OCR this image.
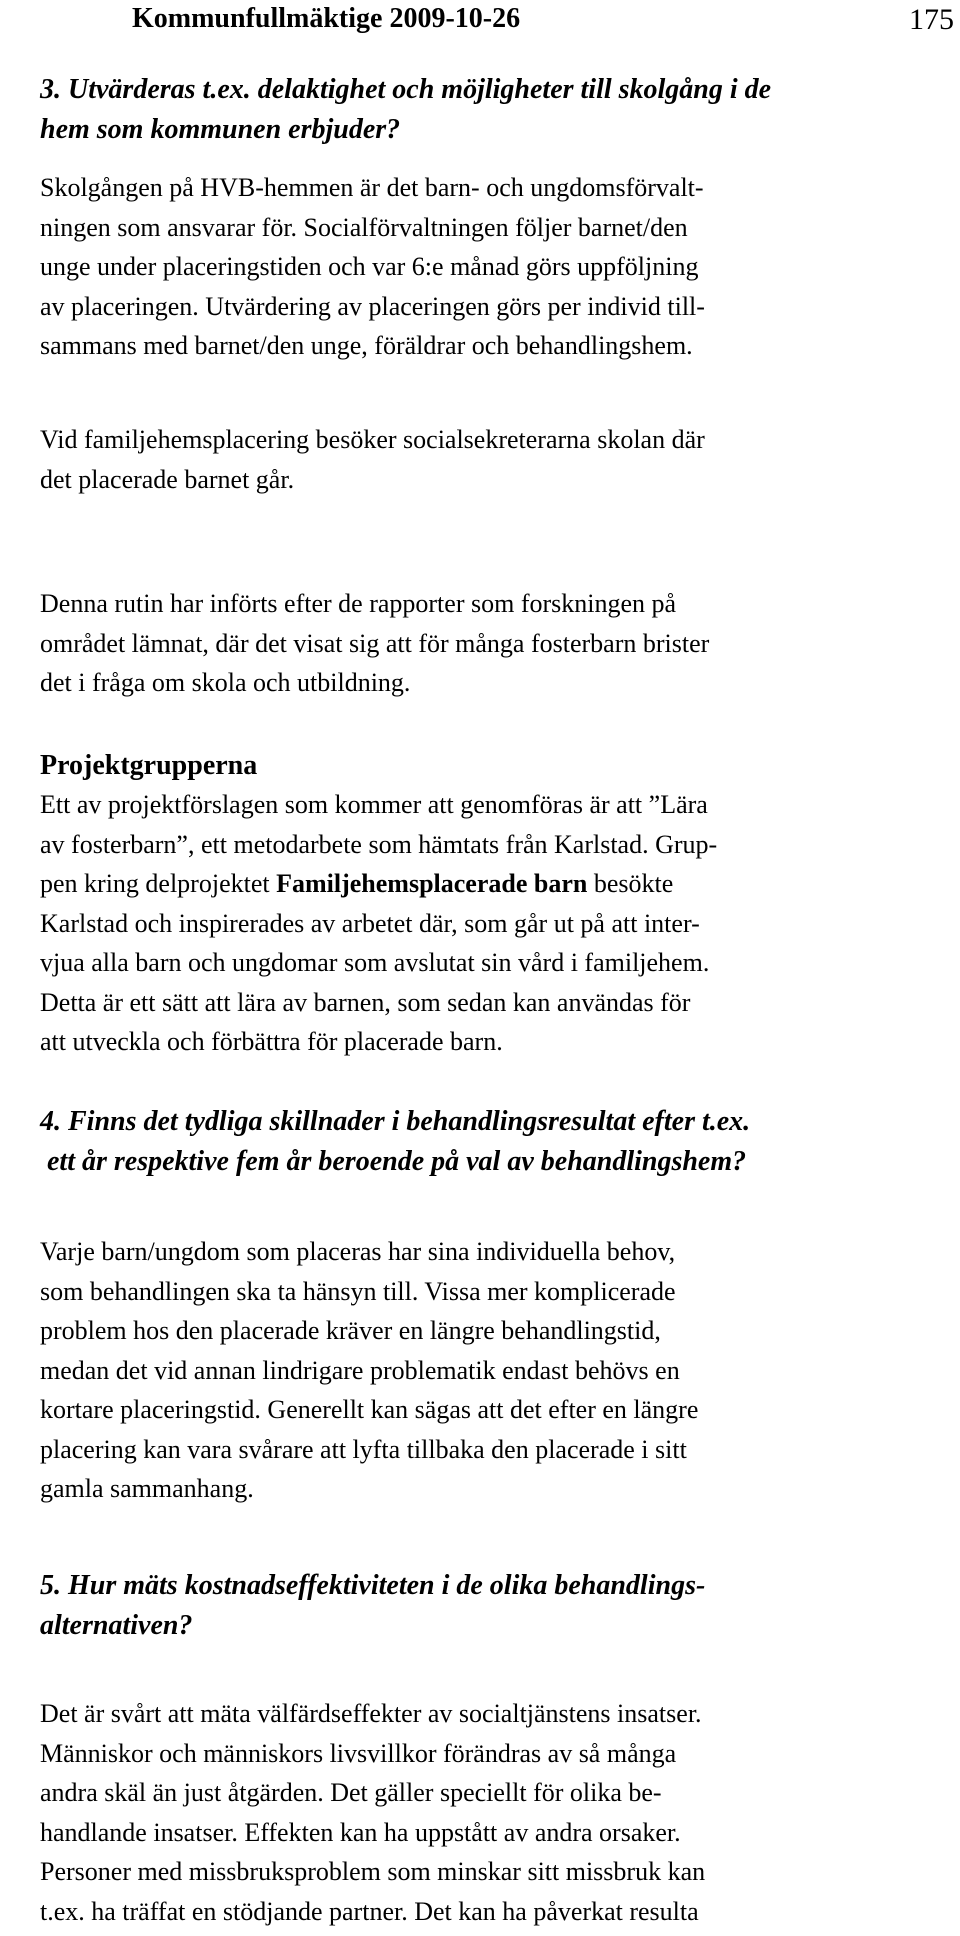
Kommunfullmäktige 2009-10-26	175
3. Utvärderas t.ex. delaktighet och möjligheter till skolgång i de
hem som kommunen erbjuder?
Skolgången på HVB-hemmen är det barn- och ungdomsförvalt-
ningen som ansvarar för. Socialförvaltningen följer barnet/den
unge under placeringstiden och var 6:e månad görs uppföljning
av placeringen. Utvärdering av placeringen görs per individ till-
sammans med barnet/den unge, föräldrar och behandlingshem.
Vid familjehemsplacering besöker socialsekreterarna skolan där
det placerade barnet går.
Denna rutin har införts efter de rapporter som forskningen på
området lämnat, där det visat sig att för många fosterbarn brister
det i fråga om skola och utbildning.
Projektgrupperna
Ett av projektförslagen som kommer att genomföras är att ”Lära
av fosterbarn”, ett metodarbete som hämtats från Karlstad. Grup-
pen kring delprojektet Familjehemsplacerade barn besökte
Karlstad och inspirerades av arbetet där, som går ut på att inter-
vjua alla barn och ungdomar som avslutat sin vård i familjehem.
Detta är ett sätt att lära av barnen, som sedan kan användas för
att utveckla och förbättra för placerade barn.
4. Finns det tydliga skillnader i behandlingsresultat efter t.ex.
ett år respektive fem år beroende på val av behandlingshem?
Varje barn/ungdom som placeras har sina individuella behov,
som behandlingen ska ta hänsyn till. Vissa mer komplicerade
problem hos den placerade kräver en längre behandlingstid,
medan det vid annan lindrigare problematik endast behövs en
kortare placeringstid. Generellt kan sägas att det efter en längre
placering kan vara svårare att lyfta tillbaka den placerade i sitt
gamla sammanhang.
5. Hur mäts kostnadseffektiviteten i de olika behandlings-
alternativen?
Det är svårt att mäta välfärdseffekter av socialtjänstens insatser.
Människor och människors livsvillkor förändras av så många
andra skäl än just åtgärden. Det gäller speciellt för olika be-
handlande insatser. Effekten kan ha uppstått av andra orsaker.
Personer med missbruksproblem som minskar sitt missbruk kan
t.ex. ha träffat en stödjande partner. Det kan ha påverkat resulta
